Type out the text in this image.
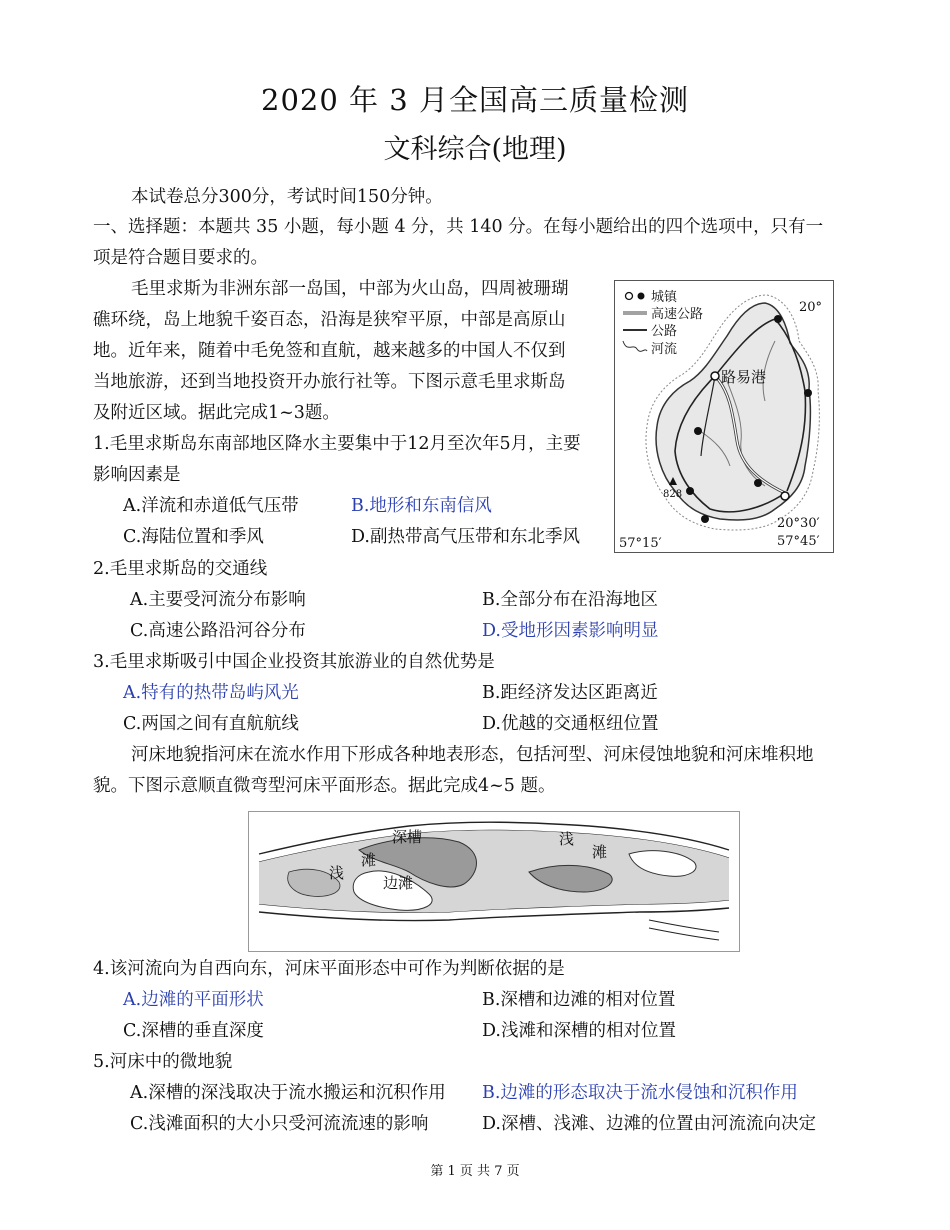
2020 年 3 月全国高三质量检测
文科综合(地理)
本试卷总分300分，考试时间150分钟。
一、选择题：本题共 35 小题，每小题 4 分，共 140 分。在每小题给出的四个选项中，只有一
项是符合题目要求的。
毛里求斯为非洲东部一岛国，中部为火山岛，四周被珊瑚
礁环绕，岛上地貌千姿百态，沿海是狭窄平原，中部是高原山
地。近年来，随着中毛免签和直航，越来越多的中国人不仅到
当地旅游，还到当地投资开办旅行社等。下图示意毛里求斯岛
及附近区域。据此完成1~3题。
828
路易港
城镇
高速公路
公路
河流
20°
20°30′
57°15′	57°45′
1.毛里求斯岛东南部地区降水主要集中于12月至次年5月，主要
影响因素是
A.洋流和赤道低气压带	B.地形和东南信风
C.海陆位置和季风	D.副热带高气压带和东北季风
2.毛里求斯岛的交通线
A.主要受河流分布影响	B.全部分布在沿海地区
C.高速公路沿河谷分布	D.受地形因素影响明显
3.毛里求斯吸引中国企业投资其旅游业的自然优势是
A.特有的热带岛屿风光	B.距经济发达区距离近
C.两国之间有直航航线	D.优越的交通枢纽位置
河床地貌指河床在流水作用下形成各种地表形态，包括河型、河床侵蚀地貌和河床堆积地
貌。下图示意顺直微弯型河床平面形态。据此完成4~5 题。
深槽
浅
滩
边滩
浅
滩
4.该河流向为自西向东，河床平面形态中可作为判断依据的是
A.边滩的平面形状	B.深槽和边滩的相对位置
C.深槽的垂直深度	D.浅滩和深槽的相对位置
5.河床中的微地貌
A.深槽的深浅取决于流水搬运和沉积作用 B.边滩的形态取决于流水侵蚀和沉积作用
C.浅滩面积的大小只受河流流速的影响	D.深槽、浅滩、边滩的位置由河流流向决定
第 1 页 共 7 页
